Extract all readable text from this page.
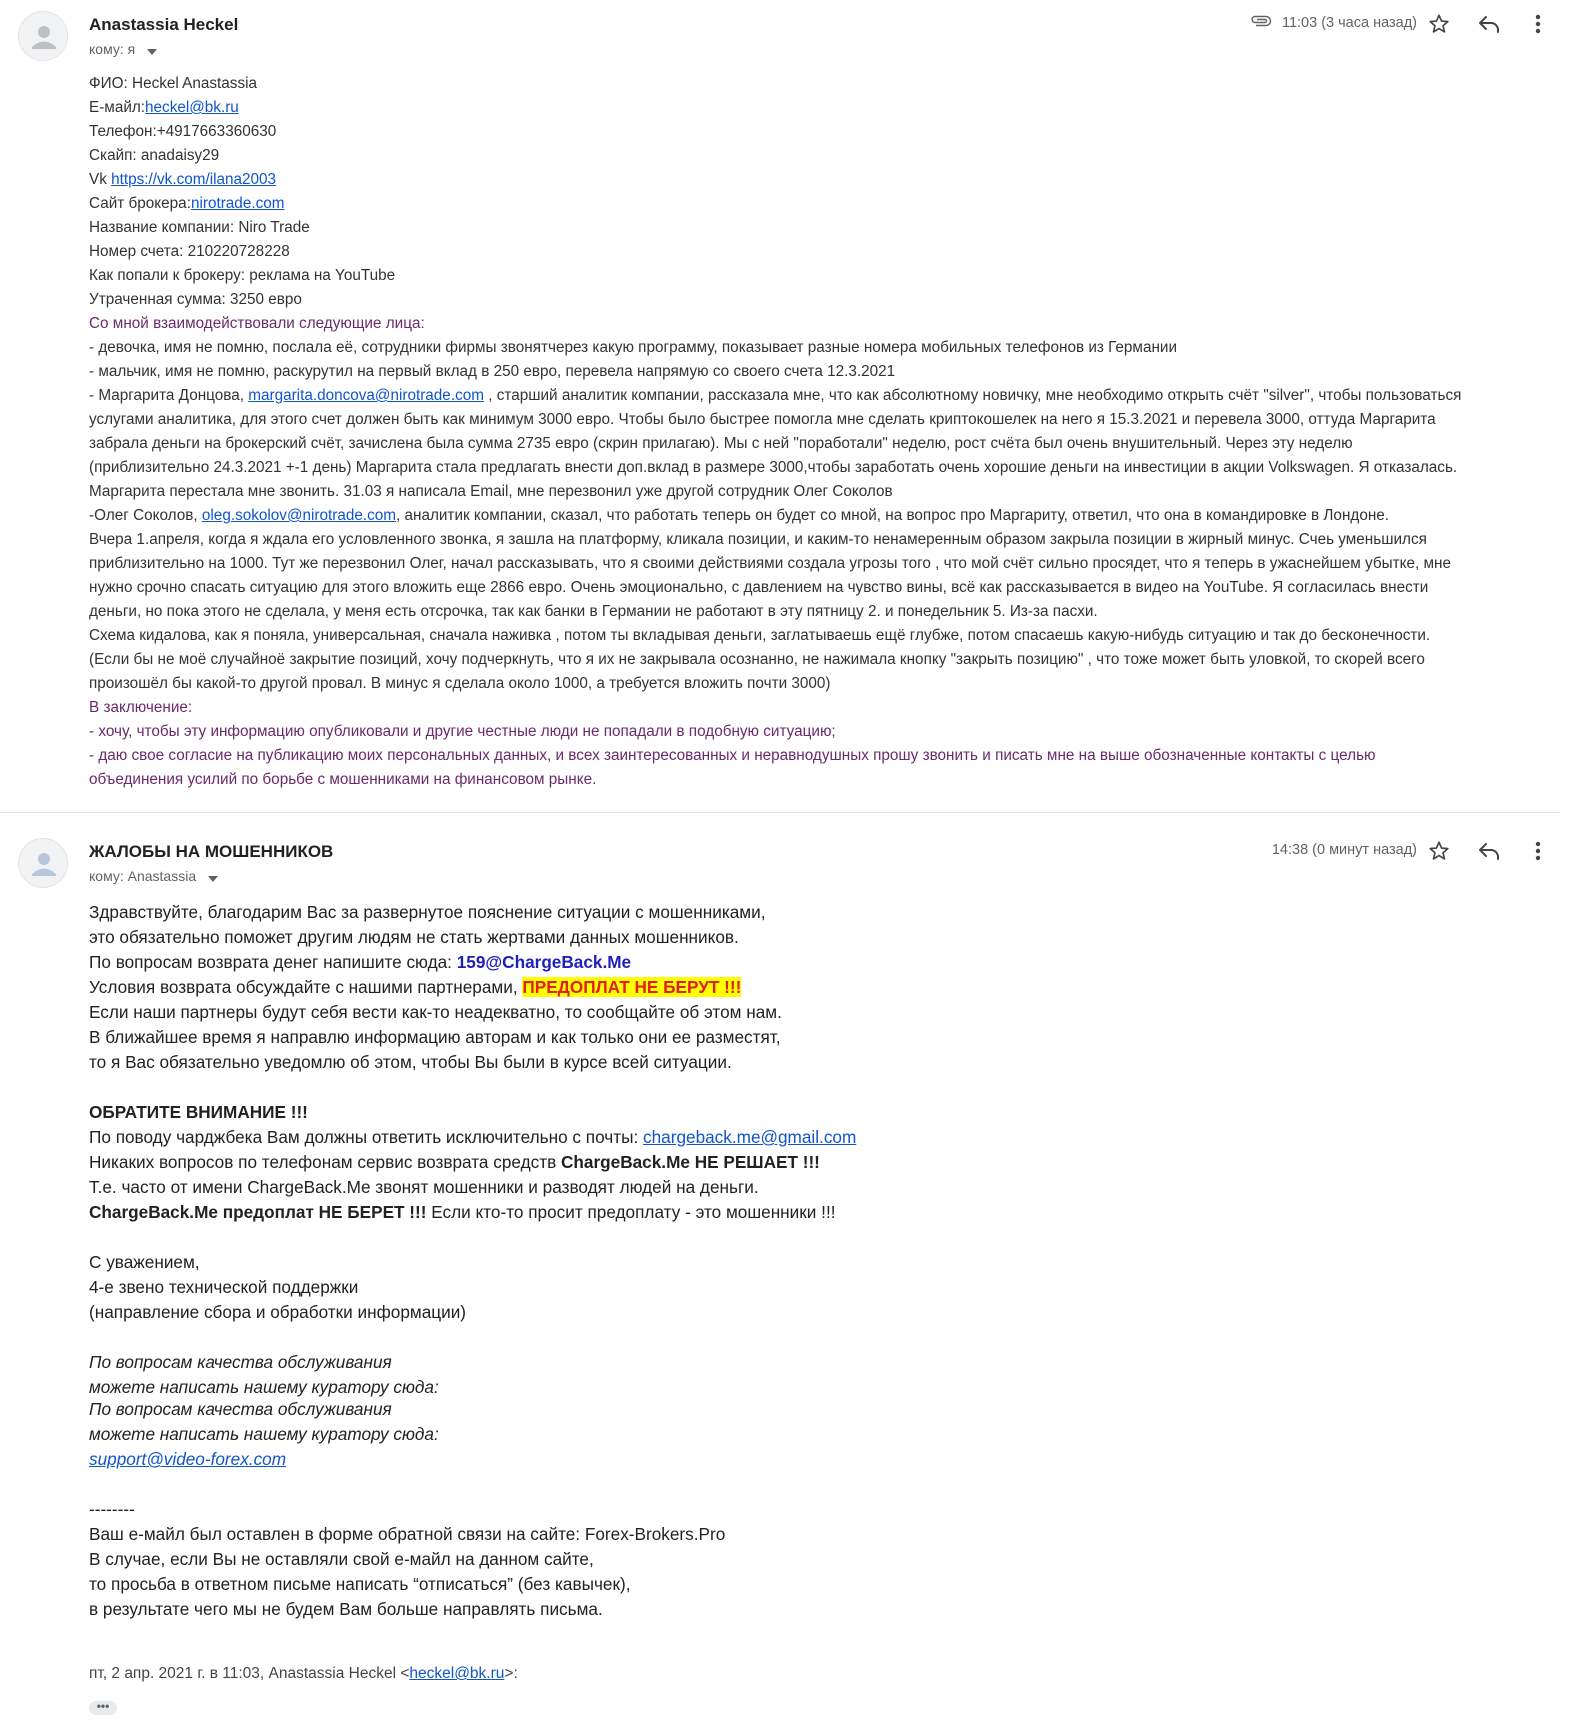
Anastassia Heckel
кому: я
11:03 (3 часа назад)
ФИО: Heckel Anastassia
Е-майл:heckel@bk.ru
Телефон:+4917663360630
Скайп: anadaisy29
Vk https://vk.com/ilana2003
Сайт брокера:nirotrade.com
Название компании: Niro Trade
Номер счета: 210220728228
Как попали к брокеру: реклама на YouTube
Утраченная сумма: 3250 евро
Со мной взаимодействовали следующие лица:
- девочка, имя не помню, послала её, сотрудники фирмы звонятчерез какую программу, показывает разные номера мобильных телефонов из Германии
- мальчик, имя не помню, раскурутил на первый вклад в 250 евро, перевела напрямую со своего счета 12.3.2021
- Маргарита Донцова, margarita.doncova@nirotrade.com , старший аналитик компании, рассказала мне, что как абсолютному новичку, мне необходимо открыть счёт "silver", чтобы пользоваться
услугами аналитика, для этого счет должен быть как минимум 3000 евро. Чтобы было быстрее помогла мне сделать криптокошелек на него я 15.3.2021 и перевела 3000, оттуда Маргарита
забрала деньги на брокерский счёт, зачислена была сумма 2735 евро (скрин прилагаю). Мы с ней "поработали" неделю, рост счёта был очень внушительный. Через эту неделю
(приблизительно 24.3.2021 +-1 день) Маргарита стала предлагать внести доп.вклад в размере 3000,чтобы заработать очень хорошие деньги на инвестиции в акции Volkswagen. Я отказалась.
Маргарита перестала мне звонить. 31.03 я написала Email, мне перезвонил уже другой сотрудник Олег Соколов
-Олег Соколов, oleg.sokolov@nirotrade.com, аналитик компании, сказал, что работать теперь он будет со мной, на вопрос про Маргариту, ответил, что она в командировке в Лондоне.
Вчера 1.апреля, когда я ждала его условленного звонка, я зашла на платформу, кликала позиции, и каким-то ненамеренным образом закрыла позиции в жирный минус. Счеь уменьшился
приблизительно на 1000. Тут же перезвонил Олег, начал рассказывать, что я своими действиями создала угрозы того , что мой счёт сильно просядет, что я теперь в ужаснейшем убытке, мне
нужно срочно спасать ситуацию для этого вложить еще 2866 евро. Очень эмоционально, с давлением на чувство вины, всё как рассказывается в видео на YouTube. Я согласилась внести
деньги, но пока этого не сделала, у меня есть отсрочка, так как банки в Германии не работают в эту пятницу 2. и понедельник 5. Из-за пасхи.
Схема кидалова, как я поняла, универсальная, сначала наживка , потом ты вкладывая деньги, заглатываешь ещё глубже, потом спасаешь какую-нибудь ситуацию и так до бесконечности.
(Если бы не моё случайноё закрытие позиций, хочу подчеркнуть, что я их не закрывала осознанно, не нажимала кнопку "закрыть позицию" , что тоже может быть уловкой, то скорей всего
произошёл бы какой-то другой провал. В минус я сделала около 1000, а требуется вложить почти 3000)
В заключение:
- хочу, чтобы эту информацию опубликовали и другие честные люди не попадали в подобную ситуацию;
- даю свое согласие на публикацию моих персональных данных, и всех заинтересованных и неравнодушных прошу звонить и писать мне на выше обозначенные контакты с целью
объединения усилий по борьбе с мошенниками на финансовом рынке.
ЖАЛОБЫ НА МОШЕННИКОВ
кому: Anastassia
14:38 (0 минут назад)
Здравствуйте, благодарим Вас за развернутое пояснение ситуации с мошенниками,
это обязательно поможет другим людям не стать жертвами данных мошенников.
По вопросам возврата денег напишите сюда: 159@ChargeBack.Me
Условия возврата обсуждайте с нашими партнерами, ПРЕДОПЛАТ НЕ БЕРУТ !!!
Если наши партнеры будут себя вести как-то неадекватно, то сообщайте об этом нам.
В ближайшее время я направлю информацию авторам и как только они ее разместят,
то я Вас обязательно уведомлю об этом, чтобы Вы были в курсе всей ситуации.
ОБРАТИТЕ ВНИМАНИЕ !!!
По поводу чарджбека Вам должны ответить исключительно с почты: chargeback.me@gmail.com
Никаких вопросов по телефонам сервис возврата средств ChargeBack.Me НЕ РЕШАЕТ !!!
Т.е. часто от имени ChargeBack.Me звонят мошенники и разводят людей на деньги.
ChargeBack.Me предоплат НЕ БЕРЕТ !!! Если кто-то просит предоплату - это мошенники !!!
С уважением,
4-е звено технической поддержки
(направление сбора и обработки информации)
По вопросам качества обслуживания
можете написать нашему куратору сюда:
По вопросам качества обслуживания
можете написать нашему куратору сюда:
support@video-forex.com
--------
Ваш е-майл был оставлен в форме обратной связи на сайте: Forex-Brokers.Pro
В случае, если Вы не оставляли свой е-майл на данном сайте,
то просьба в ответном письме написать “отписаться” (без кавычек),
в результате чего мы не будем Вам больше направлять письма.
пт, 2 апр. 2021 г. в 11:03, Anastassia Heckel <heckel@bk.ru>:
•••
